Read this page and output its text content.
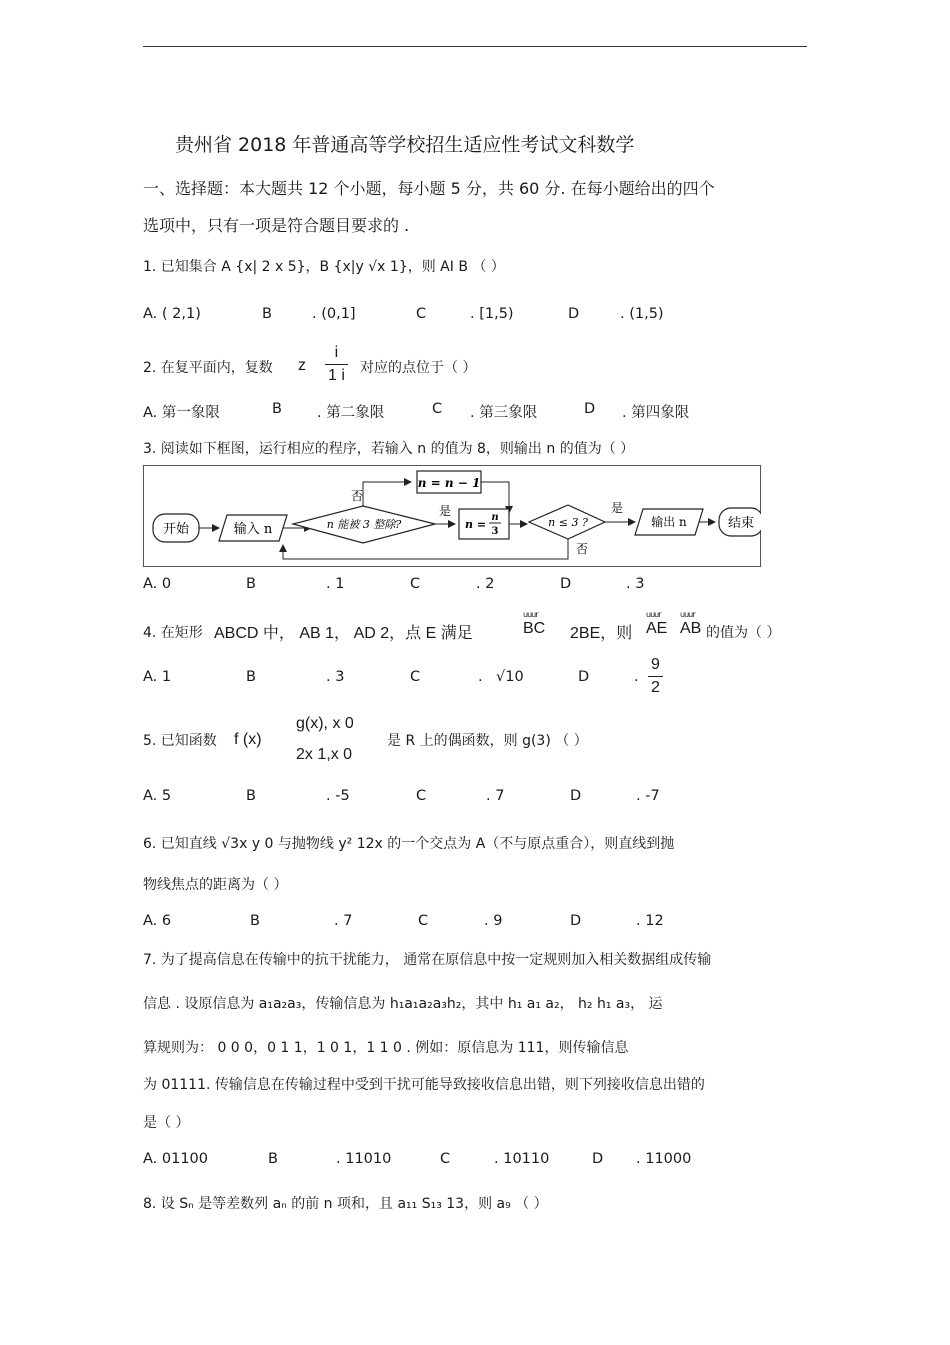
贵州省 2018 年普通高等学校招生适应性考试文科数学
一、选择题：本大题共 12 个小题，每小题 5 分，共 60 分. 在每小题给出的四个
选项中，只有一项是符合题目要求的 .
1. 已知集合 A {x| 2 x 5}，B {x|y √x 1}，则 AI B （ ）
A. ( 2,1)	B	. (0,1]	C	. [1,5)	D	. (1,5)
2. 在复平面内，复数 z $\frac{i}{1 i}$ 对应的点位于（ ）
A. 第一象限	B . 第二象限	C . 第三象限	D . 第四象限
3. 阅读如下框图，运行相应的程序，若输入 n 的值为 8，则输出 n 的值为（ ）
开始	输入 n	n 能被 3 整除?
否
n = n − 1
是
n =
n
3
n ≤ 3 ?
否
是
输出 n	结束
A. 0	B	. 1	C	. 2	D	. 3
4. 在矩形 ABCD 中， AB 1， AD 2，点 E 满足
uuur
BC 2BE，则
uuur
AE
uuur
AB 的值为（ ）
A. 1	B	. 3	C	. √10	D	. $\frac{9}{2}$
5. 已知函数 f (x)
g(x), x 0
2x 1,x 0
是 R 上的偶函数，则 g(3) （ ）
A. 5	B	. -5	C	. 7	D	. -7
6. 已知直线 √3x y 0 与抛物线 y² 12x 的一个交点为 A（不与原点重合），则直线到抛
物线焦点的距离为（ ）
A. 6	B	. 7	C	. 9	D	. 12
7. 为了提高信息在传输中的抗干扰能力， 通常在原信息中按一定规则加入相关数据组成传输
信息 . 设原信息为 a₁a₂a₃，传输信息为 h₁a₁a₂a₃h₂，其中 h₁ a₁ a₂， h₂ h₁ a₃， 运
算规则为： 0 0 0，0 1 1，1 0 1，1 1 0 . 例如：原信息为 111，则传输信息
为 01111. 传输信息在传输过程中受到干扰可能导致接收信息出错，则下列接收信息出错的
是（ ）
A. 01100	B	. 11010	C	. 10110	D . 11000
8. 设 Sₙ 是等差数列 aₙ 的前 n 项和，且 a₁₁ S₁₃ 13，则 a₉ （ ）
